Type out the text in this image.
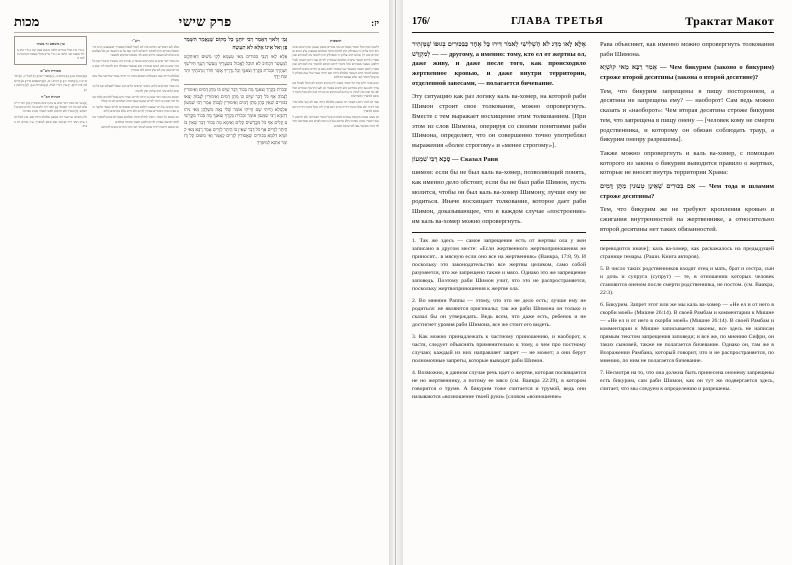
יז:
פרק שישי
מכות
תוספות

דלמא דאתי בקל וחומר מבכורים ומה בכורים שאינן טעונין מתן דמים ואימורים חייב עליהן זר באכילתן חוץ לחומה תודה ושלמים שטעונין מתן דמים ואימורים אינו דין שיהא חייב עליהן זר באכילתן חוץ לחומה מה לבכורים שכן אסורין לזרים תאמר בתודה ושלמים שמותרין לזרים ועוד דהא דאמרן לעיל דילפינן מעשר מבכורים בקל וחומר ליתא דאיכא למיפרך מה לבכורים שכן אסורין לאונן תאמר במעשר שני שמותר לאונן ואם כן הדרא קושיא לדוכתא ואיכא למימר דהא דקאמר אלמלא הייתי שם הייתי אומר שלי נאה משלהן לאו אקל וחומר קאי אלא אגופא דמילתא

ורבנן סברי דלא אתי קל וחומר ומפקי ליה מקרא דכתיב לא תוכל לאכול בשעריך ולא בעי קרא אחרינא והא דתניא בספרי וכן לענין תרומה ובכורים הכל לפי מה שהן ואין למדין זה מזה אלא בהיקש או בגזירה שוה ולא בקל וחומר דאיכא למיפרך כדפרישית

ועוד יש לומר דהא דקאמר רבי שמעון אלמלא הייתי שם לא קאי אלא אדרשה דידיה ולא אקל וחומר דידיה ומיהו רבא פריך ליה אקל וחומר דידיה דהא איכא למיפרך

וכן מצינו בכמה מקומות בגמרא דפרכינן אקל וחומר דאמוראי ולא חיישינן למאי דאמרי אינהו גופייהו דלא פריכא ועל כן נראה לפרש כמו שפירשנו תחילה דהכי מסתבר טפי לפי שיטת הסוגיא

גְּמָ׳ וְלֹאוֵי דְּאָמַר רַבִּי יוֹחָנָן כָּל מָקוֹם שֶׁנֶּאֱמַר הִשָּׁמֶר פֶּן וְאַל אֵינוֹ אֶלָּא לֹא תַעֲשֶׂה
אֶלָּא לָאו דְּגַבֵּי בִּכּוּרִים מַאי טַעְמָא לָקֵי מִשּׁוּם דְּאִיתְּקַשׁ לְמַעֲשֵׂר דִּכְתִיב לֹא תוּכַל לֶאֱכוֹל בִּשְׁעָרֶיךָ מַעְשַׂר דְּגָנְךָ תִּירֹשְׁךָ וְיִצְהָרֶךָ וּבְכֹרֹת בְּקָרְךָ וְצֹאנֶךָ וְכָל נְדָרֶיךָ אֲשֶׁר תִּדֹּר וְנִדְבֹתֶיךָ וּתְרוּמַת יָדֶךָ
וּבְכֹרֹת בְּקָרְךָ וְצֹאנֶךָ מַה בְּכוֹר דָּבָר שֶׁיֵּשׁ בּוֹ מַתַּן דָּמִים וְאֵימוּרִין לַגָּבוֹהַּ אַף כֹּל דָּבָר שֶׁיֵּשׁ בּוֹ מַתַּן דָּמִים וְאֵימוּרִין לַגָּבוֹהַּ יָצְאוּ בִּכּוּרִים שֶׁאֵין בָּהֶן מַתַּן דָּמִים וְאֵימוּרִין לַגָּבוֹהַּ אָמַר רַבִּי שִׁמְעוֹן אִלְמָלֵא הָיִיתִי שָׁם הָיִיתִי אוֹמֵר שֶׁלִּי נָאֶה מִשֶּׁלָּהֶן מַאי נִיהוּ דְּתַנְיָא רַבִּי שִׁמְעוֹן אוֹמֵר וּבְכֹרֹת בְּקָרְךָ וְצֹאנֶךָ מָה בְּכוֹר מִקֳּדָשִׁים קַלִּים אַף כֹּל מִקֳּדָשִׁים קַלִּים וְאֵימָא מָה בְּכוֹר דָּבָר שֶׁאֵין בּוֹ הֶיתֵּר לְזָרִים אַף כֹּל דָּבָר שֶׁאֵין בּוֹ הֶיתֵּר לְזָרִים אָמַר רָבָא מַאי קוּשְׁיָא דִּלְמָא בִּכּוּרִים שֶׁאֲסוּרִין לְזָרִים קָאָמַר וְאִי מִשּׁוּם קַל וָחוֹמֶר אִיכָּא לְמִיפְרַךְ
רש"י

אלא לאו דבכורים. דכתיב בהו לא תוכל לאכול בשעריך ואשמעינן קרא דזר האוכל בכורים חוץ לחומת ירושלים לוקה ואף על גב דהשמר פן ואל בעלמא אינו אלא לא תעשה גרידא הכא לקי משום דאיתקש למעשר

מה בכור דבר שיש בו מתן דמים ואימורין. שזורק דמו ומקטיר אימוריו אף כל דבר שיש בו מתן דמים ואימורין הוא שנאסר באכילה חוץ לחומה לזר יצאו בכורים שאין בהן לא מתן דמים ולא אימורין

אלמלא הייתי שם. כשנחלקו חכמים בדבר זה הייתי אומר שדרשה שלי נאה משלהן

מה בכור מקדשים קלים. דבכור קדשים קלים הוא ונאכל לבעלים אף כל קדשים קלים שזר חייב עליהן חוץ לחומה

ואימא מה בכור דבר שאין בו היתר לזרים. שהרי הוא נאכל לכהנים בלבד אף כל דבר שאין בו היתר לזרים ונמצא שאף תודה ושלמים לא יהו בכלל

מאי קושיא. על רבי שמעון דילמא בכורים שאסורים לזרים קאמר כלומר הוא גופיה מודה דבכורים אסורין לזרים ולא דרש אלא מקדשים קלים

ואי משום קל וחומר. דאתי למילף תודה ושלמים מבכורים איכא למיפרך מה לבכורים שכן אסורין לזרים ולאונן תאמר בתודה ושלמים

ואי משום דרשה דידיה איכא למימר הכי והכי והדרא קושיא לדוכתא

עין משפט נר מצוה

א מיי' פ"ג מהל' בכורים הלכה א סמג עשין קמ: ב מיי' פ"ב מהל' מעשר שני הלכה א: ג מיי' פי"א מהל' מעשה הקרבנות הלכה ד:

מסורת הש"ס

א) [יבמות עג:], ב) זבחים נו., ג) [ספרי ראה], ד) לעיל יז., ה) דברים יב יז, ו) [מכות יז:], ז) ויקרא ו כג, ח) [תוספתא פ"ד], ט) [ירושלמי פ"ג ה"ב], י) עיין רש"י לעיל, כ) [בכורות נג.], ל) [קידושין נד:]

הגהות הב"ח

(א) גמ' מה בכור דבר שיש בו מתן דמים ואימורין: (ב) רש"י ד"ה אלא לאו וכו' דזר האוכל: (ג) תוס' ד"ה דלמא וכו' הדרא קושיא לדוכתא: (ד) בא"ד ולא חיישינן למאי דאמרי אינהו גופייהו:

גליון הש"ס: גמ' אמר רבי שמעון אלמלא הייתי שם. עיין לעיל דף יז ע"א תוס' ד"ה ואימא: שם איכא למיפרך. עיין זבחים דף נו ע"ב:

176/	ГЛАВА ТРЕТЬЯ	Трактат Макот

אֶלָּא לָאו מִדֵּגּ לֹא הַשְׁלִישִׁי לֵאמֹר דִּירוּ כָּל אֶחָד כַּבִּכּוּרִים בְּגוּפוֹ שֶׁמַּזְהִיר — לְמִקְדָּשׁ — другому, а именно: тому, кто ел от жертвы ол, даже живу, и даже после того, как происходило жертвенное кровью, и даже внутри территории, отделенной завесами, — полагается бичевание.

Эту ситуацию как раз логику каль ва-хомер, на которой раби Шимон строит свое толкование, можно опровергнуть. Вместе с тем выражает восхищение этим толкованием. [При этом из слов Шимона, оперируя со своими понятиями раби Шимона, определяет, что он совершенно точно употреблял выражения «более строгому» и «менее строгому»].

סָכָא רַבִּי שִׁמְעוֹן — Сказал Рави

шимон: если бы не был каль ва-хомер, позволяющий понять, как именно дело обстоит, если бы не был раби Шимон, пусть молится, чтобы он был каль ва-хомер Шимону, лучше ему не родиться. Иначе восхищает толкование, которое дает раби Шимон, доказывающее, что в каждом случае «построение» им каль ва-хомер можно опровергнуть.

1. Так же здесь — самое запрещение есть от жертвы ола у жен записано в другом месте: «Если жертвенного жертвоприношения не приносит... в мясную если оно все на жертвенник» (Ваикра, 17:8, 9). И поскольку это законодательство все жертвы целиком, само собой разумеется, что же запрещено также и мясо. Однако это же запрещение заповедь. Поэтому раби Шимон учит, что это не распространяется, поскольку жертвоприношения к жертве ола.

2. Во мнении Раппы — этому, что это не дело есть; лучше ему не родиться: не являются оригиналы; так же раби Шимона он только и сказал бы он утверждать. Ведь всем, что даже есть, ребенок и не достигнет уровня раби Шимона, все же стоит его видеть.

3. Как можно принадлежать к частному приношению, и наоборот, к части, следует объяснять применительно к тому, о чем про постному случаю; каждый из них направляет запрет — не может; а они берут полномочные запреты, которые выводит раби Шимон.

4. Возможно, в данном случае речь идет о жертве, которая посвящается не но жертвеннику, а потому ее мясо (см. Ваикра 22:29), в котором говорится о труме. А бикурим тоже считается и трумой, ведь они называются «возношение твоей руки» [словом «возношение»

Рава объясняет, как именно можно опровергнуть толкования раби Шимона.

אָמַר רַבָּא מַאי קוּשְׁיָא — Чем бикурим (законо о бикурим) строже второй десятины (закона о второй десятине)?

Тем, что бикурим запрещены в пищу постороннем, а десятина не запрещена ему? — наоборот! Сам ведь можно сказать и «наоборот»: Чем вторая десятина строже бикурим тем, что запрещена в пищу онену — [человек кому не смерти родственника, и которому он обязан соблюдать траур, а бикурим оненру разрешены].

Также можно опровергнуть и каль ва-хомер, с помощью которого из закона о бикурим выводится правило о жертвах, которые не вносят внутрь территории Храма:

אִם בִּכּוּרִים שֶׁאֵינָן טְעוּנִין מַתָּן דָּמִים — Чем тода и шламим строже десятины?

Тем, что бикурим же не требуют кропления кровью и сжигания внутренностей на жертвеннике, а относительно второй десятины нет таких обязанностей.

переводится иначе]; каль ва-хомер, как раскажалось на предыдущей странице гемары. (Раши. Книга авторов).

5. В число таких родственников входят отец и мать, брат и сестра, сын и дочь и супруга (супруг) — те, в отношении которых человек становится оненом после смерти родственника, не постом. (см. Ваикра, 22:3).

6. Бикурим. Запрет этот или же мы каль ва-хомер — «Не ел и от него в скорби моей» (Мишне 26:14). В своей Рамбам и комментарии к Мишне — «Не ел и от него в скорби моей» (Мишне 26:14). В своей Рамбам и комментарии к Мишне записывается законы, все здесь не написан прямым текстом запрещения заповеди; и все же, по мнению Сифри, он таких сыновей, также не полагается бичевание. Однако он, там же в Возражении Рамбана, который говорит, что и не распространяется, по мнению, по ним не полагается бичевание.

7. Несмотря на то, что она должна быть принесена ононему запрещены есть бикурим, сам раби Шимон, как он тут же подвергается здесь, считает, что мы следуем к определению и разрешены.
